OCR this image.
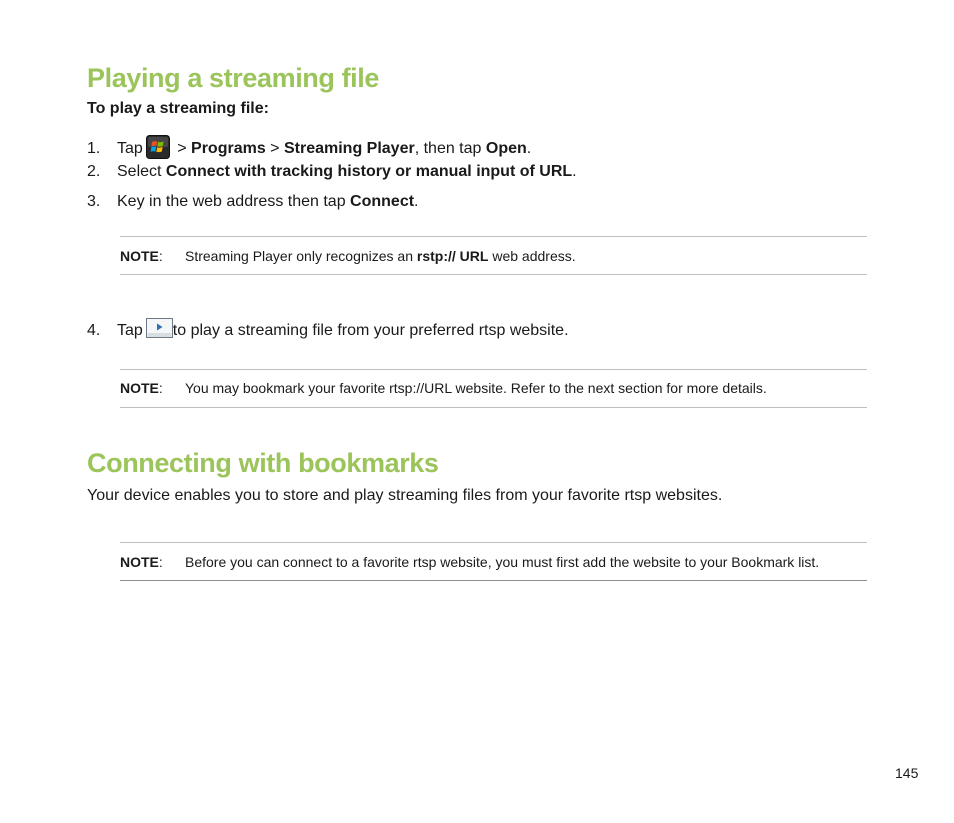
Playing a streaming file
To play a streaming file:
1. Tap > Programs > Streaming Player, then tap Open.
2. Select Connect with tracking history or manual input of URL.
3. Key in the web address then tap Connect.
NOTE: Streaming Player only recognizes an rstp:// URL web address.
4. Tap to play a streaming file from your preferred rtsp website.
NOTE: You may bookmark your favorite rtsp://URL website. Refer to the next section for more details.
Connecting with bookmarks
Your device enables you to store and play streaming files from your favorite rtsp websites.
NOTE: Before you can connect to a favorite rtsp website, you must first add the website to your Bookmark list.
145
